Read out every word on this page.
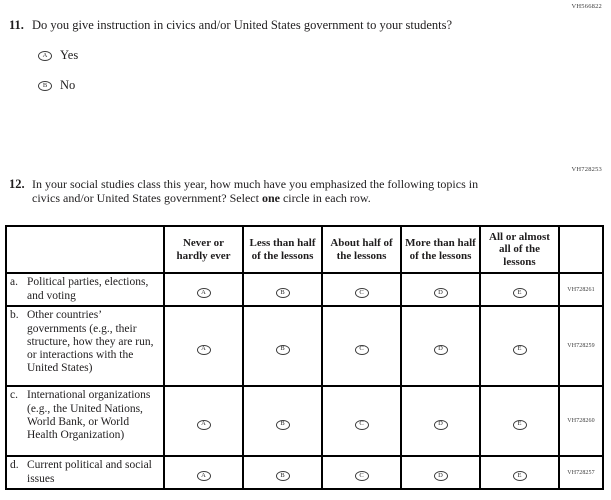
VH566822
11. Do you give instruction in civics and/or United States government to your students?
A	Yes
B	No
VH728253
12. In your social studies class this year, how much have you emphasized the following topics in civics and/or United States government? Select one circle in each row.
	Never or hardly ever	Less than half of the lessons	About half of the lessons	More than half of the lessons	All or almost all of the lessons	

a. Political parties, elections, and voting	A	B	C	D	E	VH728261

b. Other countries’ governments (e.g., their structure, how they are run, or interactions with the United States)	A	B	C	D	E	VH728259

c. International organizations (e.g., the United Nations, World Bank, or World Health Organization)	A	B	C	D	E	VH728260

d. Current political and social issues	A	B	C	D	E	VH728257
